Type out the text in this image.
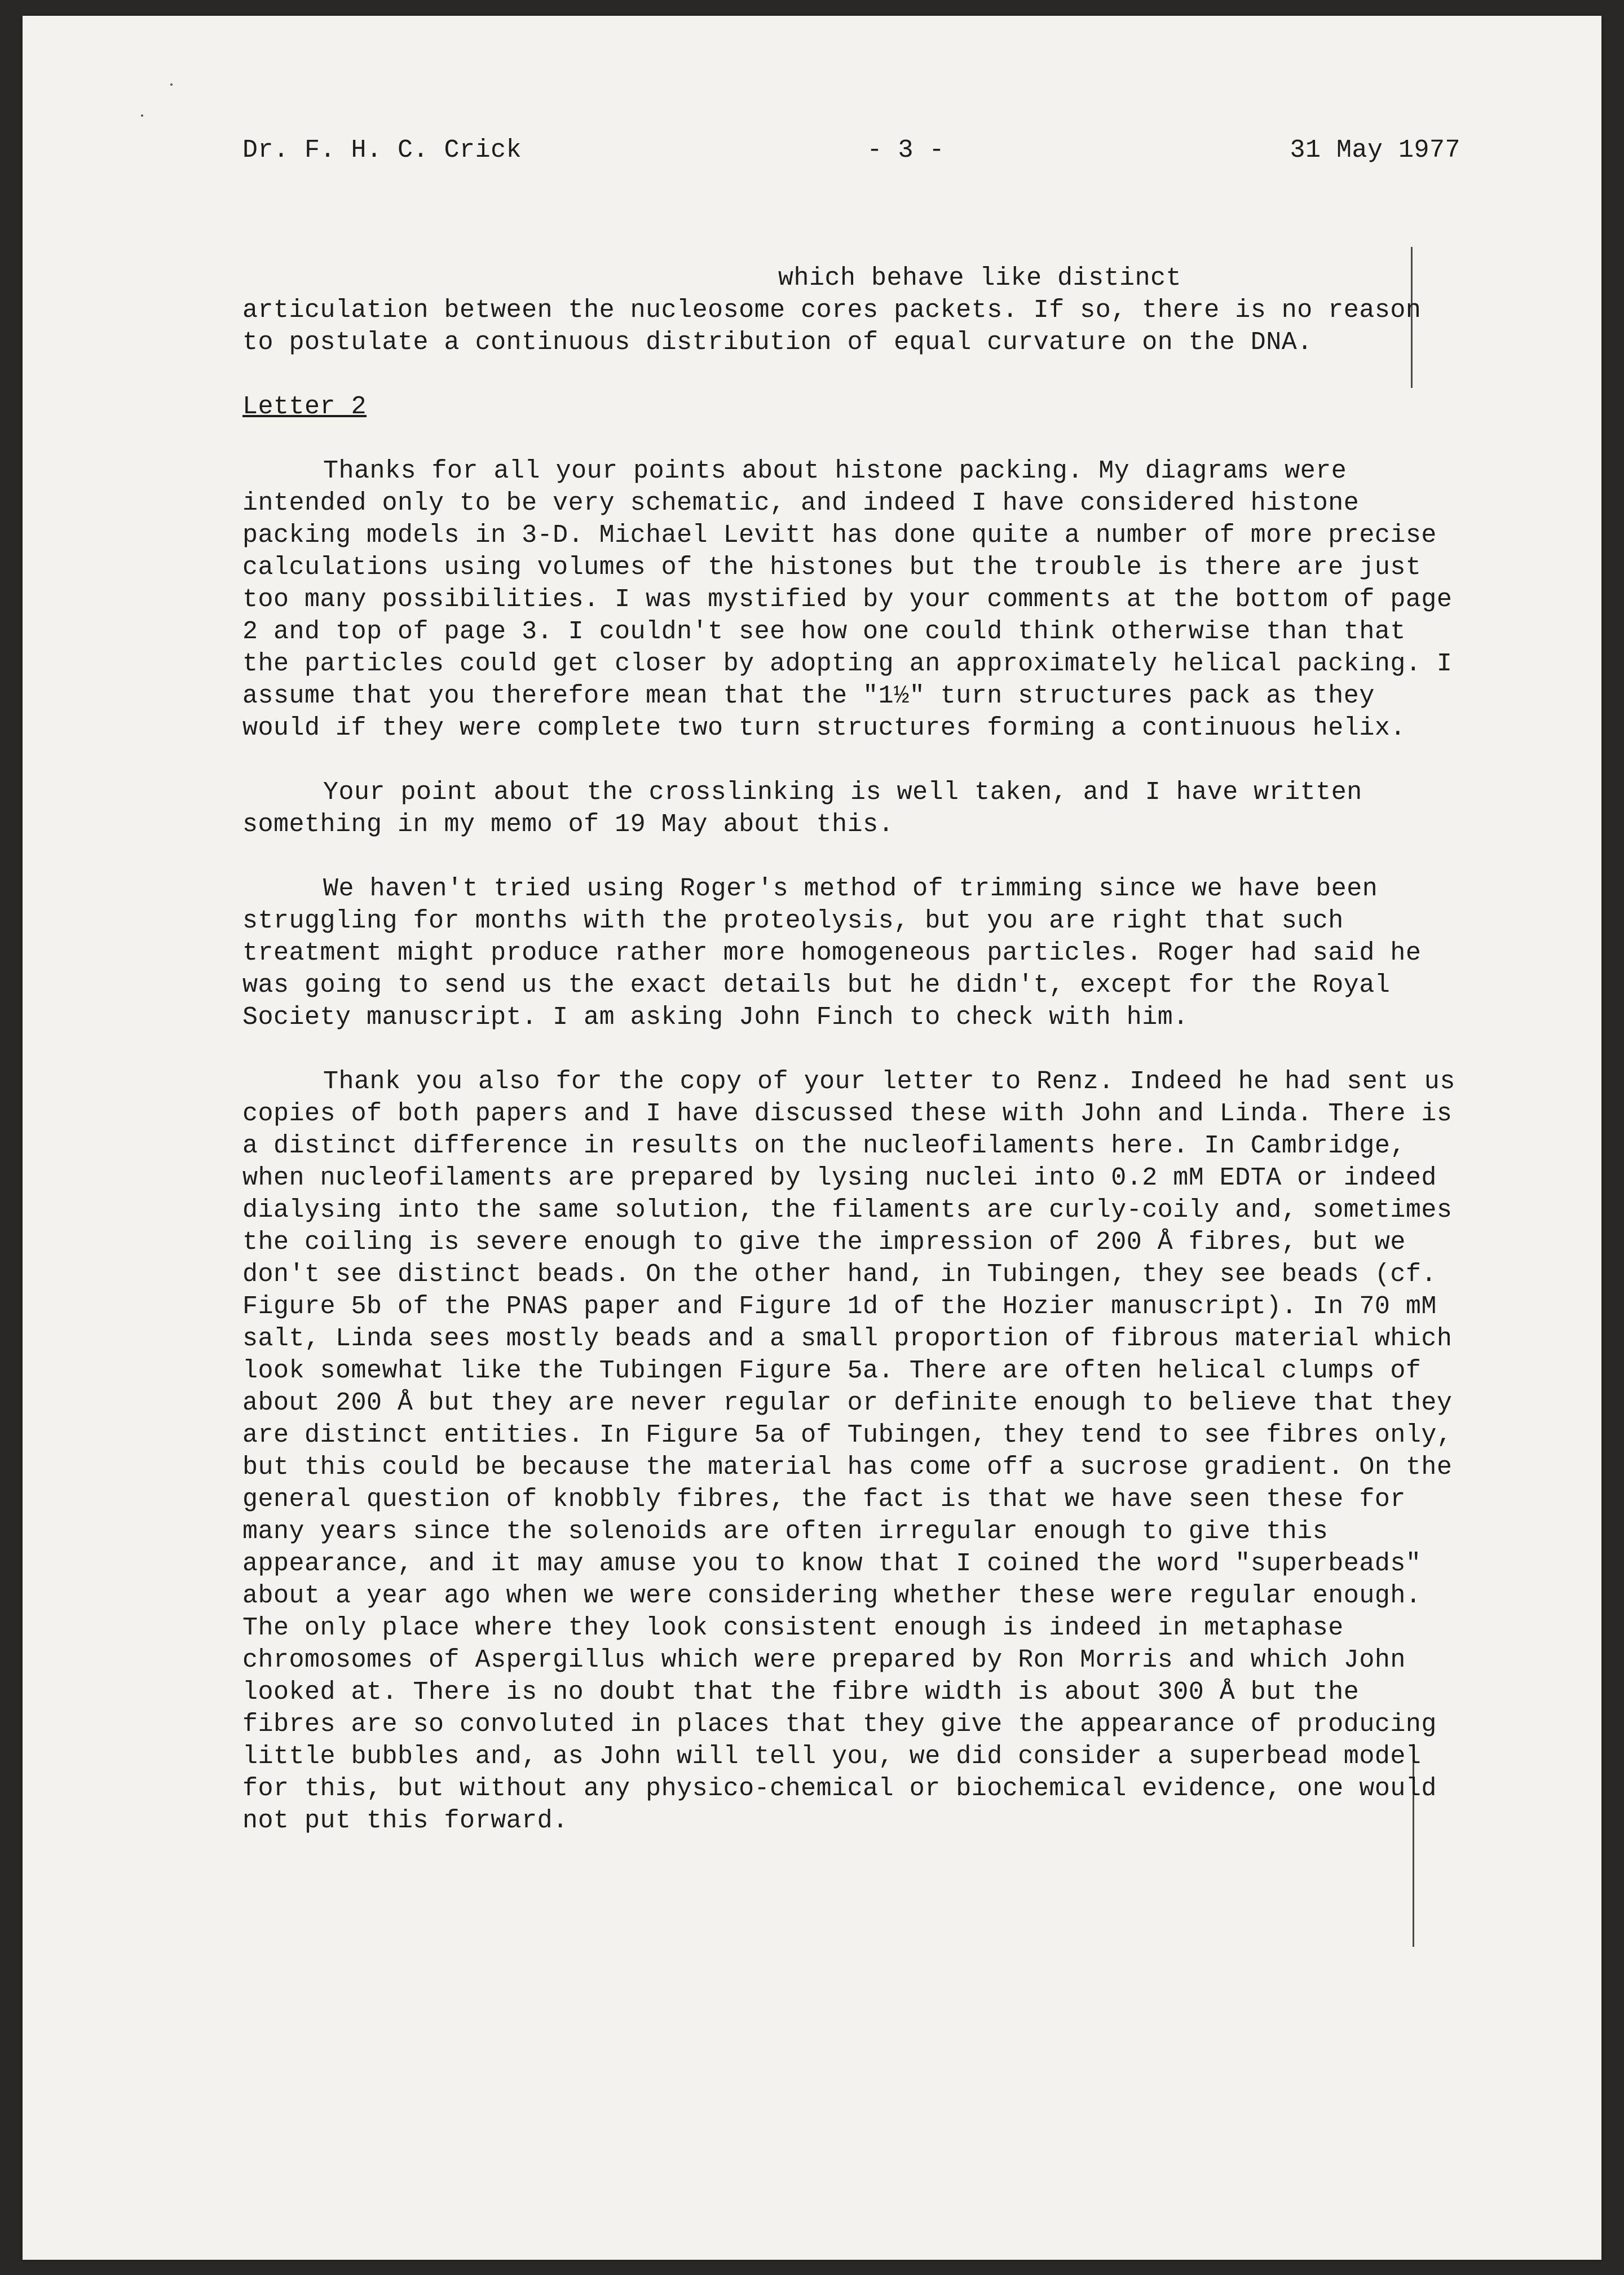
Dr. F. H. C. Crick	- 3 -	31 May 1977

which behave like distinct

articulation between the nucleosome cores packets. If so, there is no reason to postulate a continuous distribution of equal curvature on the DNA.

Letter 2

Thanks for all your points about histone packing. My diagrams were intended only to be very schematic, and indeed I have considered histone packing models in 3-D. Michael Levitt has done quite a number of more precise calculations using volumes of the histones but the trouble is there are just too many possibilities. I was mystified by your comments at the bottom of page 2 and top of page 3. I couldn't see how one could think otherwise than that the particles could get closer by adopting an approximately helical packing. I assume that you therefore mean that the "1½" turn structures pack as they would if they were complete two turn structures forming a continuous helix.

Your point about the crosslinking is well taken, and I have written something in my memo of 19 May about this.

We haven't tried using Roger's method of trimming since we have been struggling for months with the proteolysis, but you are right that such treatment might produce rather more homogeneous particles. Roger had said he was going to send us the exact details but he didn't, except for the Royal Society manuscript. I am asking John Finch to check with him.

Thank you also for the copy of your letter to Renz. Indeed he had sent us copies of both papers and I have discussed these with John and Linda. There is a distinct difference in results on the nucleofilaments here. In Cambridge, when nucleofilaments are prepared by lysing nuclei into 0.2 mM EDTA or indeed dialysing into the same solution, the filaments are curly-coily and, sometimes the coiling is severe enough to give the impression of 200 Å fibres, but we don't see distinct beads. On the other hand, in Tubingen, they see beads (cf. Figure 5b of the PNAS paper and Figure 1d of the Hozier manuscript). In 70 mM salt, Linda sees mostly beads and a small proportion of fibrous material which look somewhat like the Tubingen Figure 5a. There are often helical clumps of about 200 Å but they are never regular or definite enough to believe that they are distinct entities. In Figure 5a of Tubingen, they tend to see fibres only, but this could be because the material has come off a sucrose gradient. On the general question of knobbly fibres, the fact is that we have seen these for many years since the solenoids are often irregular enough to give this appearance, and it may amuse you to know that I coined the word "superbeads" about a year ago when we were considering whether these were regular enough. The only place where they look consistent enough is indeed in metaphase chromosomes of Aspergillus which were prepared by Ron Morris and which John looked at. There is no doubt that the fibre width is about 300 Å but the fibres are so convoluted in places that they give the appearance of producing little bubbles and, as John will tell you, we did consider a superbead model for this, but without any physico-chemical or biochemical evidence, one would not put this forward.
